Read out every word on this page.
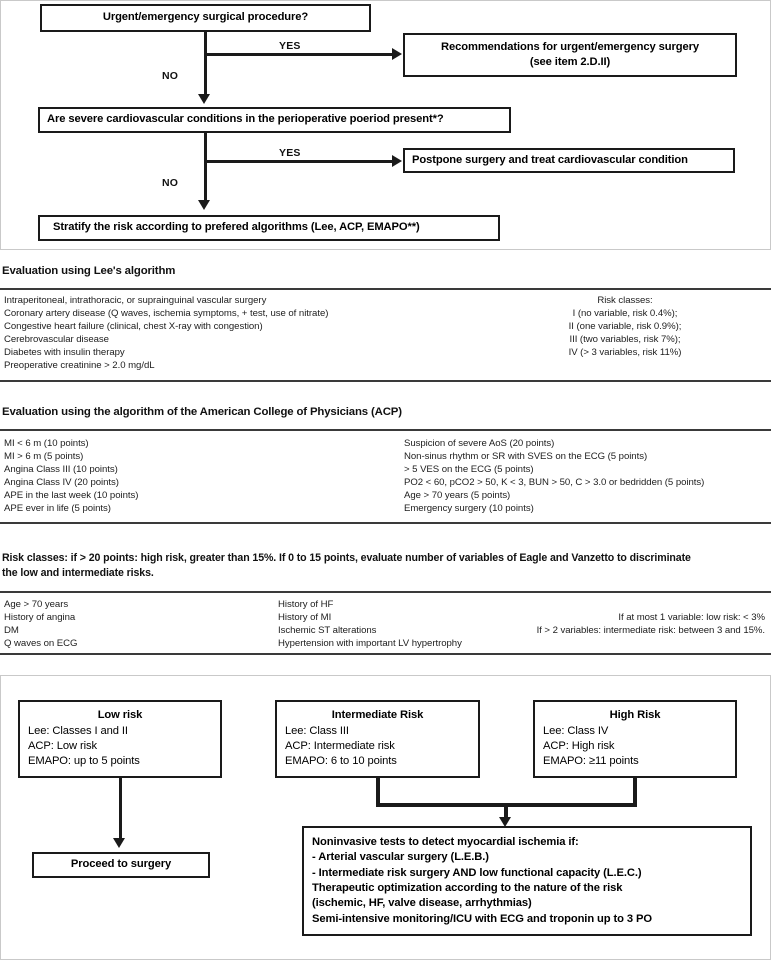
Urgent/emergency surgical procedure?
YES
NO
Recommendations for urgent/emergency surgery
(see item 2.D.II)
Are severe cardiovascular conditions in the perioperative poeriod present*?
YES
NO
Postpone surgery and treat cardiovascular condition
Stratify the risk according to prefered algorithms (Lee, ACP, EMAPO**)
Evaluation using Lee's algorithm
Intraperitoneal, intrathoracic, or suprainguinal vascular surgery
Coronary artery disease (Q waves, ischemia symptoms, + test, use of nitrate)
Congestive heart failure (clinical, chest X-ray with congestion)
Cerebrovascular disease
Diabetes with insulin therapy
Preoperative creatinine > 2.0 mg/dL
Risk classes:
I (no variable, risk 0.4%);
II (one variable, risk 0.9%);
III (two variables, risk 7%);
IV (> 3 variables, risk 11%)
Evaluation using the algorithm of the American College of Physicians (ACP)
MI < 6 m (10 points)
MI > 6 m (5 points)
Angina Class III (10 points)
Angina Class IV (20 points)
APE in the last week (10 points)
APE ever in life (5 points)
Suspicion of severe AoS (20 points)
Non-sinus rhythm or SR with SVES on the ECG (5 points)
> 5 VES on the ECG (5 points)
PO2 < 60, pCO2 > 50, K < 3, BUN > 50, C > 3.0 or bedridden (5 points)
Age > 70 years (5 points)
Emergency surgery (10 points)
Risk classes: if > 20 points: high risk, greater than 15%. If 0 to 15 points, evaluate number of variables of Eagle and Vanzetto to discriminate
the low and intermediate risks.
Age > 70 years
History of angina
DM
Q waves on ECG
History of HF
History of MI
Ischemic ST alterations
Hypertension with important LV hypertrophy
If at most 1 variable: low risk: < 3%
If > 2 variables: intermediate risk: between 3 and 15%.
Low risk
Lee: Classes I and II
ACP: Low risk
EMAPO: up to 5 points
Intermediate Risk
Lee: Class III
ACP: Intermediate risk
EMAPO: 6 to 10 points
High Risk
Lee: Class IV
ACP: High risk
EMAPO: ≥11 points
Proceed to surgery
Noninvasive tests to detect myocardial ischemia if:
- Arterial vascular surgery (L.E.B.)
- Intermediate risk surgery AND low functional capacity (L.E.C.)
Therapeutic optimization according to the nature of the risk
(ischemic, HF, valve disease, arrhythmias)
Semi-intensive monitoring/ICU with ECG and troponin up to 3 PO
